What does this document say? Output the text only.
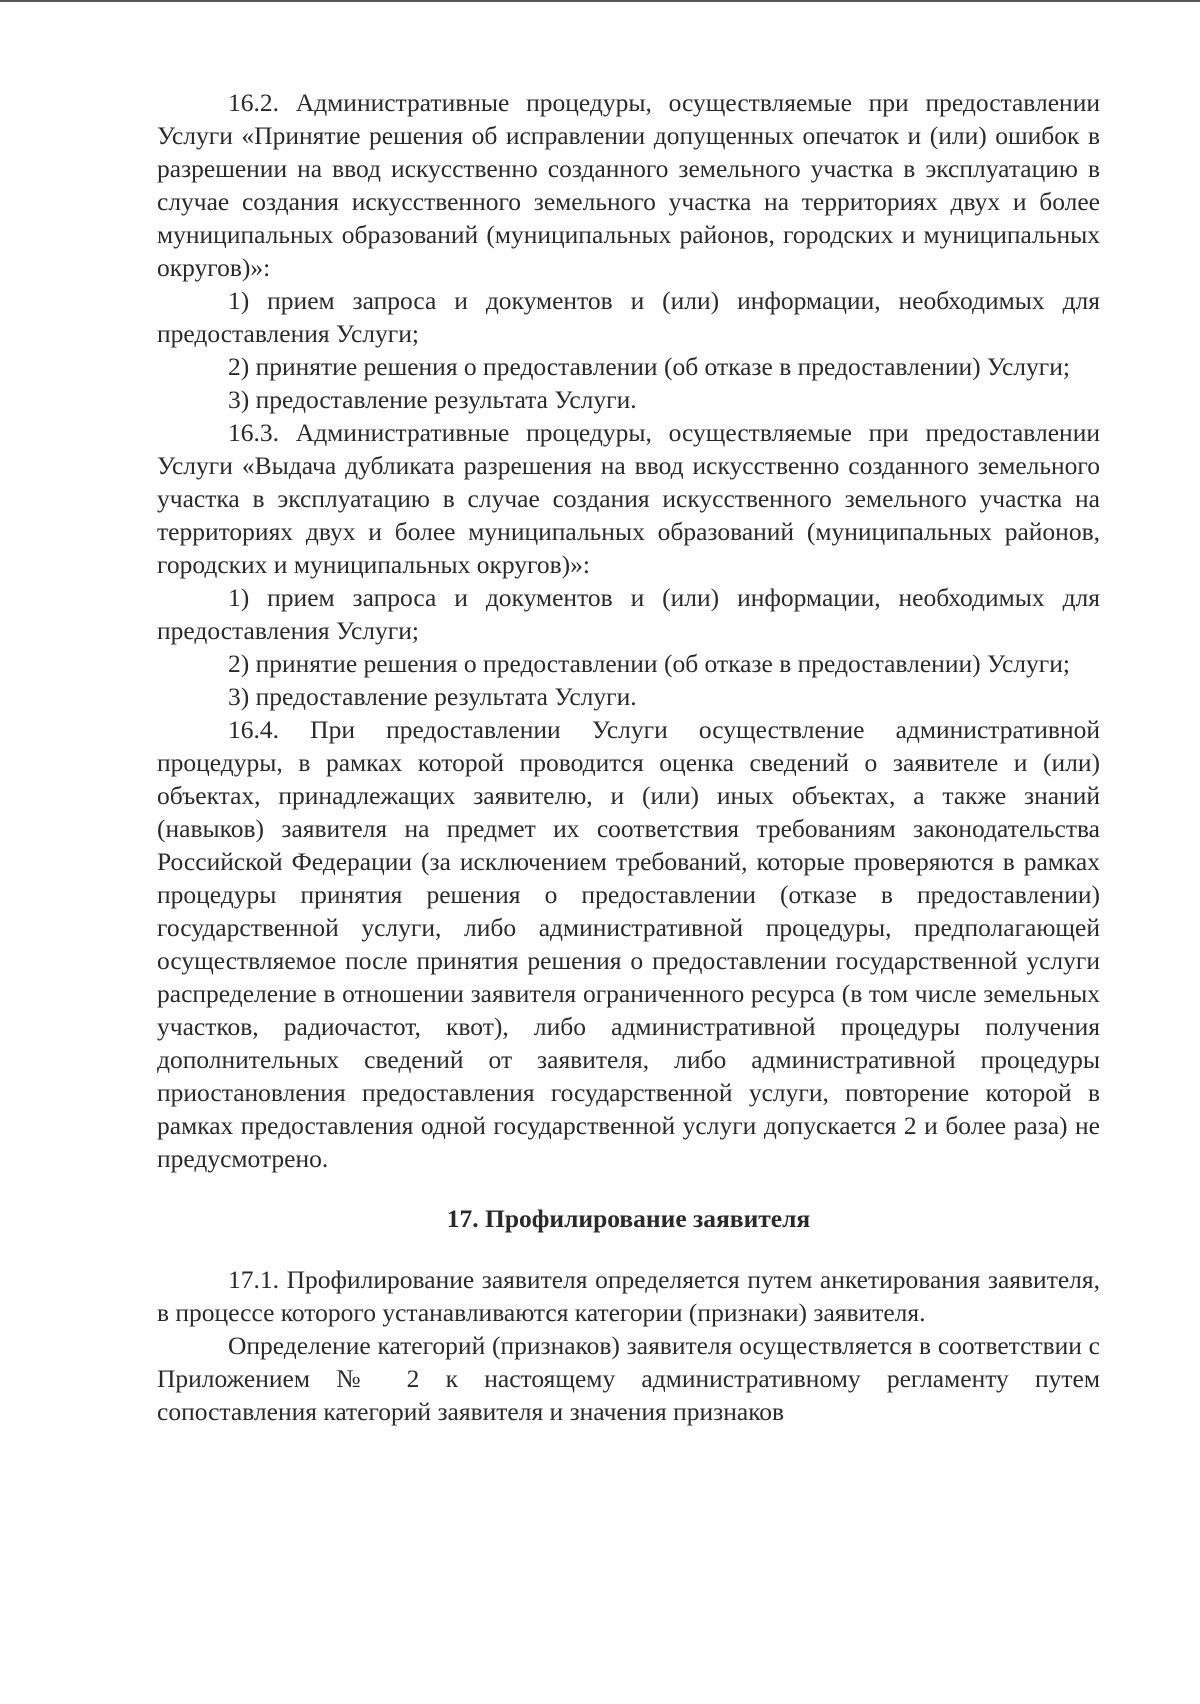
16.2. Административные процедуры, осуществляемые при предоставлении Услуги «Принятие решения об исправлении допущенных опечаток и (или) ошибок в разрешении на ввод искусственно созданного земельного участка в эксплуатацию в случае создания искусственного земельного участка на территориях двух и более муниципальных образований (муниципальных районов, городских и муниципальных округов)»:

1) прием запроса и документов и (или) информации, необходимых для предоставления Услуги;

2) принятие решения о предоставлении (об отказе в предоставлении) Услуги;

3) предоставление результата Услуги.

16.3. Административные процедуры, осуществляемые при предоставлении Услуги «Выдача дубликата разрешения на ввод искусственно созданного земельного участка в эксплуатацию в случае создания искусственного земельного участка на территориях двух и более муниципальных образований (муниципальных районов, городских и муниципальных округов)»:

1) прием запроса и документов и (или) информации, необходимых для предоставления Услуги;

2) принятие решения о предоставлении (об отказе в предоставлении) Услуги;

3) предоставление результата Услуги.

16.4. При предоставлении Услуги осуществление административной процедуры, в рамках которой проводится оценка сведений о заявителе и (или) объектах, принадлежащих заявителю, и (или) иных объектах, а также знаний (навыков) заявителя на предмет их соответствия требованиям законодательства Российской Федерации (за исключением требований, которые проверяются в рамках процедуры принятия решения о предоставлении (отказе в предоставлении) государственной услуги, либо административной процедуры, предполагающей осуществляемое после принятия решения о предоставлении государственной услуги распределение в отношении заявителя ограниченного ресурса (в том числе земельных участков, радиочастот, квот), либо административной процедуры получения дополнительных сведений от заявителя, либо административной процедуры приостановления предоставления государственной услуги, повторение которой в рамках предоставления одной государственной услуги допускается 2 и более раза) не предусмотрено.

17. Профилирование заявителя

17.1. Профилирование заявителя определяется путем анкетирования заявителя, в процессе которого устанавливаются категории (признаки) заявителя.

Определение категорий (признаков) заявителя осуществляется в соответствии с Приложением № 2 к настоящему административному регламенту путем сопоставления категорий заявителя и значения признаков
